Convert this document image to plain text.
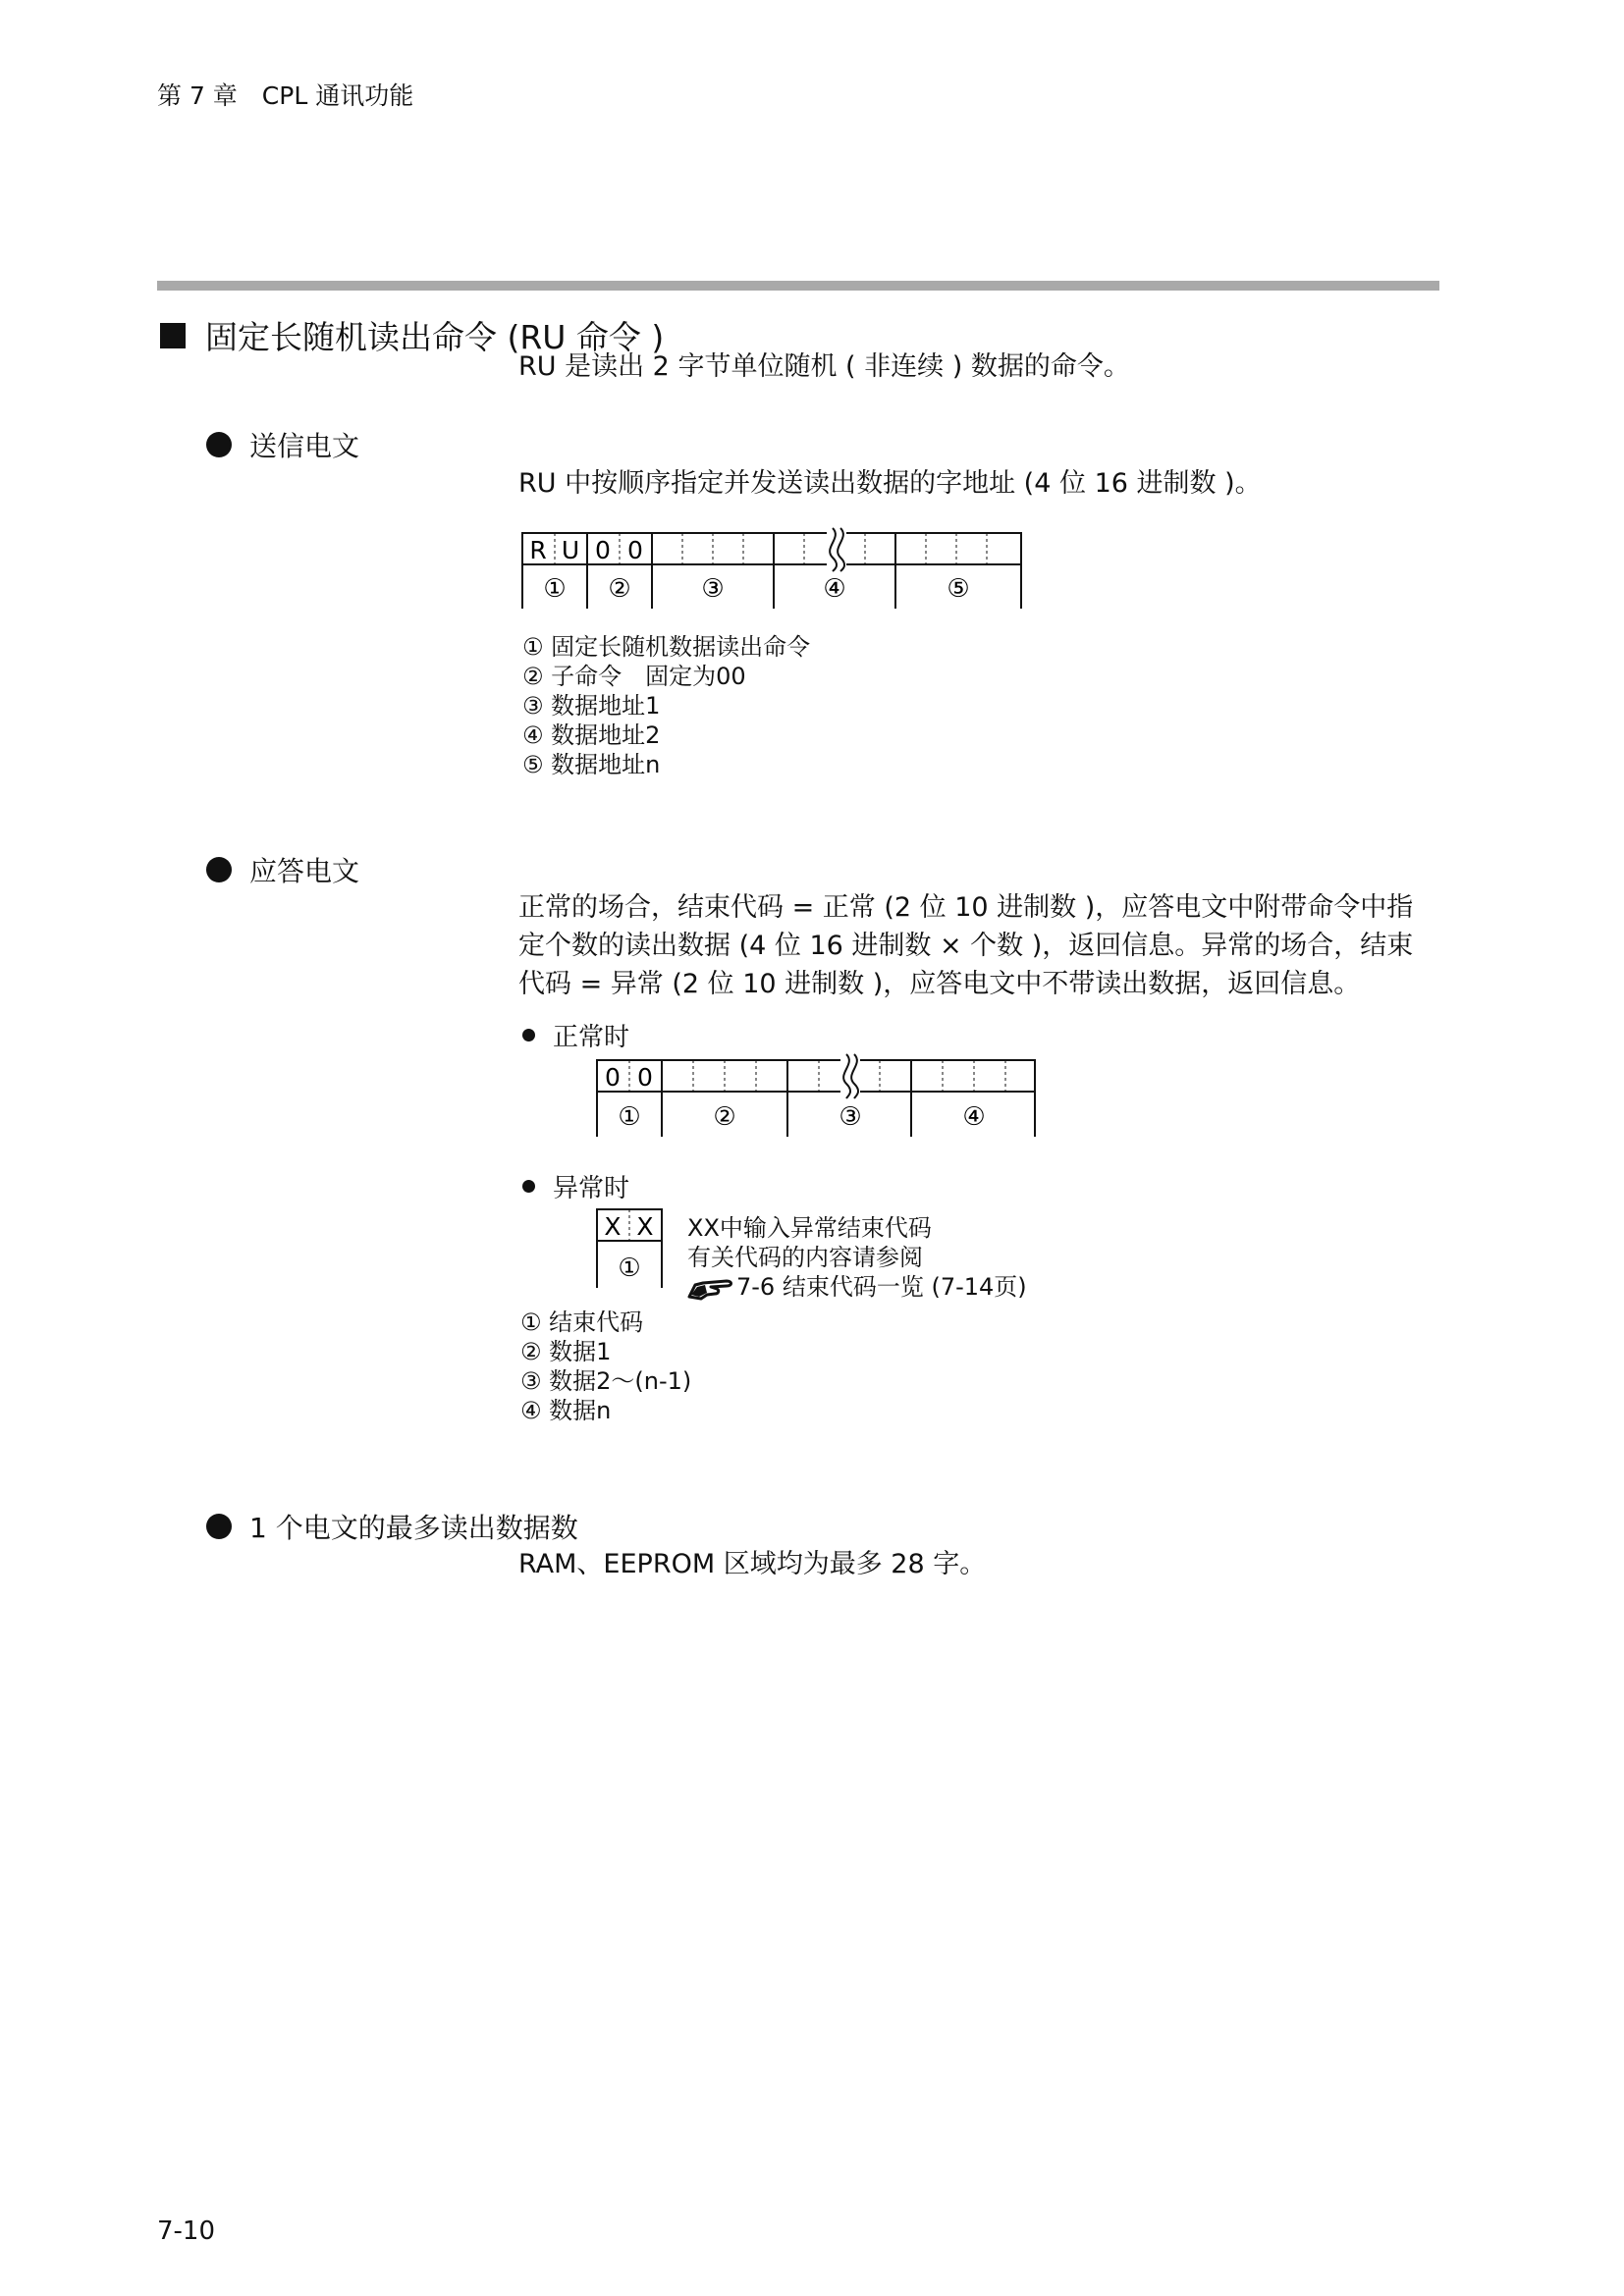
第 7 章　CPL 通讯功能
固定长随机读出命令 (RU 命令 )
RU 是读出 2 字节单位随机 ( 非连续 ) 数据的命令。
送信电文
RU 中按顺序指定并发送读出数据的字地址 (4 位 16 进制数 )。
R U 0 0
① ②	③	④	⑤
① 固定长随机数据读出命令
② 子命令　固定为00
③ 数据地址1
④ 数据地址2
⑤ 数据地址n
应答电文
正常的场合，结束代码 = 正常 (2 位 10 进制数 )，应答电文中附带命令中指
定个数的读出数据 (4 位 16 进制数 × 个数 )，返回信息。异常的场合，结束
代码 = 异常 (2 位 10 进制数 )，应答电文中不带读出数据，返回信息。
正常时
0 0
①	②	③	④
异常时
X X
①
XX中输入异常结束代码
有关代码的内容请参阅
7-6 结束代码一览 (7-14页)
① 结束代码
② 数据1
③ 数据2～(n-1)
④ 数据n
1 个电文的最多读出数据数
RAM、EEPROM 区域均为最多 28 字。
7-10
